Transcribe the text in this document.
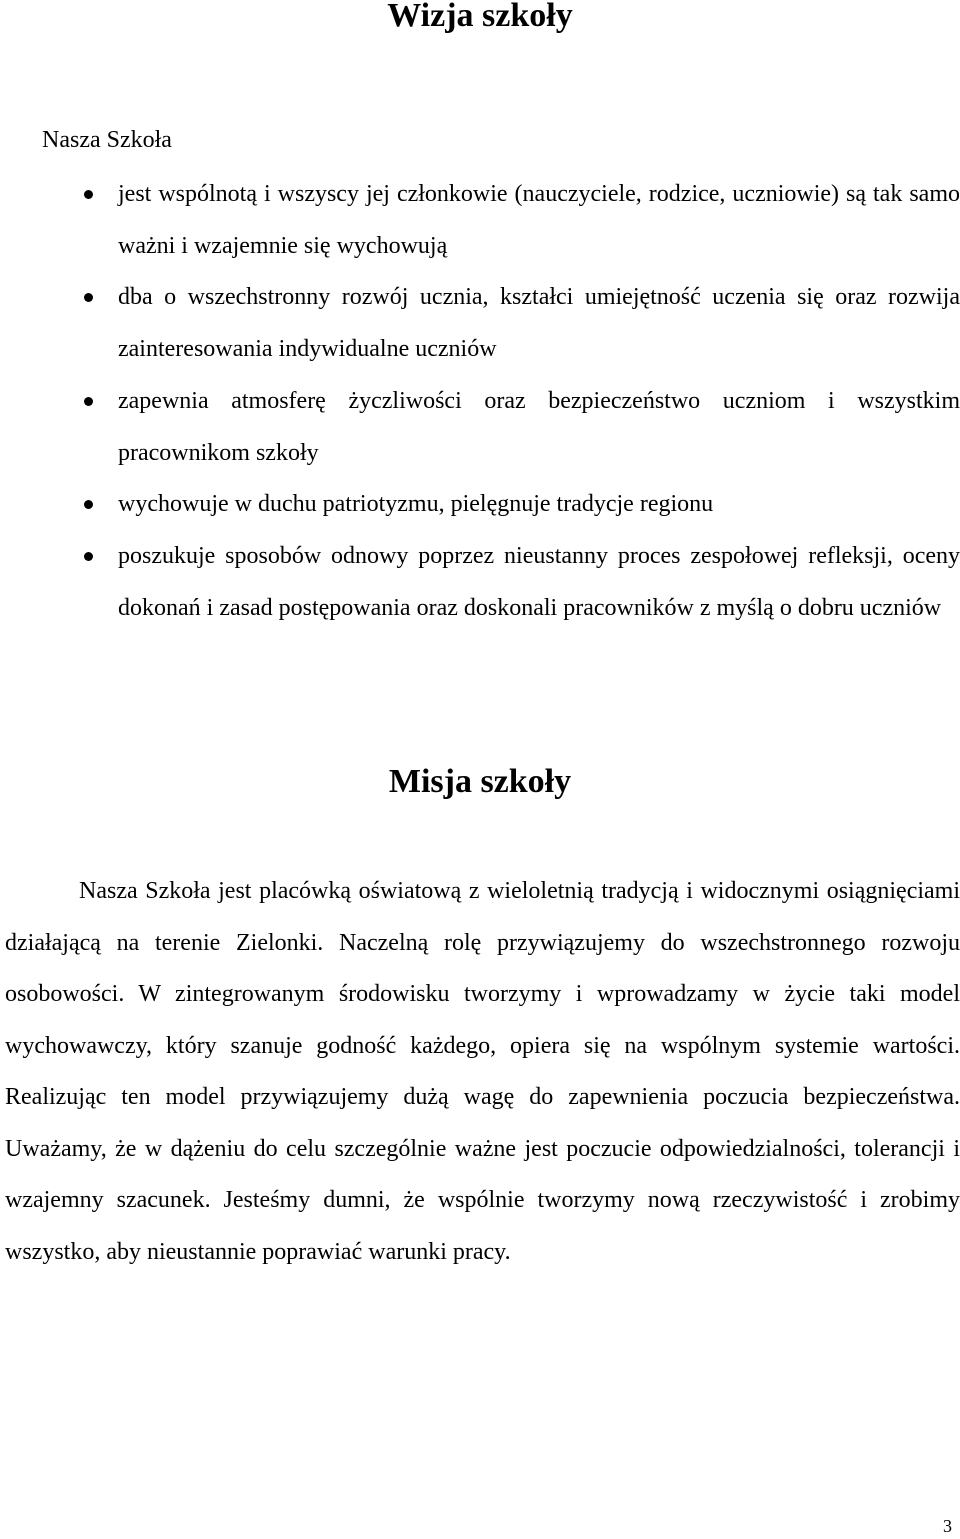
Wizja szkoły

Nasza Szkoła

jest wspólnotą i wszyscy jej członkowie (nauczyciele, rodzice, uczniowie) są tak samo ważni i wzajemnie się wychowują
dba o wszechstronny rozwój ucznia, kształci umiejętność uczenia się oraz rozwija zainteresowania indywidualne uczniów
zapewnia atmosferę życzliwości oraz bezpieczeństwo uczniom i wszystkim pracownikom szkoły
wychowuje w duchu patriotyzmu, pielęgnuje tradycje regionu
poszukuje sposobów odnowy poprzez nieustanny proces zespołowej refleksji, oceny dokonań i zasad postępowania oraz doskonali pracowników z myślą o dobru uczniów
Misja szkoły

Nasza Szkoła jest placówką oświatową z wieloletnią tradycją i widocznymi osiągnięciami działającą na terenie Zielonki. Naczelną rolę przywiązujemy do wszechstronnego rozwoju osobowości. W zintegrowanym środowisku tworzymy i wprowadzamy w życie taki model wychowawczy, który szanuje godność każdego, opiera się na wspólnym systemie wartości. Realizując ten model przywiązujemy dużą wagę do zapewnienia poczucia bezpieczeństwa. Uważamy, że w dążeniu do celu szczególnie ważne jest poczucie odpowiedzialności, tolerancji i wzajemny szacunek. Jesteśmy dumni, że wspólnie tworzymy nową rzeczywistość i zrobimy wszystko, aby nieustannie poprawiać warunki pracy.

3
